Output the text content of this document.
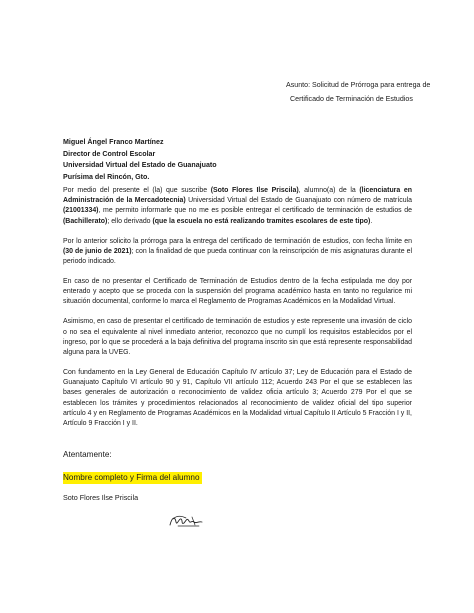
Asunto: Solicitud de Prórroga para entrega de
Certificado de Terminación de Estudios
Miguel Ángel Franco Martínez
Director de Control Escolar
Universidad Virtual del Estado de Guanajuato
Purísima del Rincón, Gto.

Por medio del presente el (la) que suscribe (Soto Flores Ilse Priscila), alumno(a) de la (licenciatura en Administración de la Mercadotecnia) Universidad Virtual del Estado de Guanajuato con número de matrícula (21001334), me permito informarle que no me es posible entregar el certificado de terminación de estudios de (Bachillerato); ello derivado (que la escuela no está realizando tramites escolares de este tipo).

Por lo anterior solicito la prórroga para la entrega del certificado de terminación de estudios, con fecha límite en (30 de junio de 2021); con la finalidad de que pueda continuar con la reinscripción de mis asignaturas durante el periodo indicado.

En caso de no presentar el Certificado de Terminación de Estudios dentro de la fecha estipulada me doy por enterado y acepto que se proceda con la suspensión del programa académico hasta en tanto no regularice mi situación documental, conforme lo marca el Reglamento de Programas Académicos en la Modalidad Virtual.

Asimismo, en caso de presentar el certificado de terminación de estudios y este represente una invasión de ciclo o no sea el equivalente al nivel inmediato anterior, reconozco que no cumplí los requisitos establecidos por el ingreso, por lo que se procederá a la baja definitiva del programa inscrito sin que está represente responsabilidad alguna para la UVEG.

Con fundamento en la Ley General de Educación Capítulo IV artículo 37; Ley de Educación para el Estado de Guanajuato Capítulo VI artículo 90 y 91, Capítulo VII artículo 112; Acuerdo 243 Por el que se establecen las bases generales de autorización o reconocimiento de validez oficia artículo 3; Acuerdo 279 Por el que se establecen los trámites y procedimientos relacionados al reconocimiento de validez oficial del tipo superior artículo 4 y en Reglamento de Programas Académicos en la Modalidad virtual Capítulo II Artículo 5 Fracción I y II, Artículo 9 Fracción I y II.

Atentamente:
Nombre completo y Firma del alumno
Soto Flores Ilse Priscila
